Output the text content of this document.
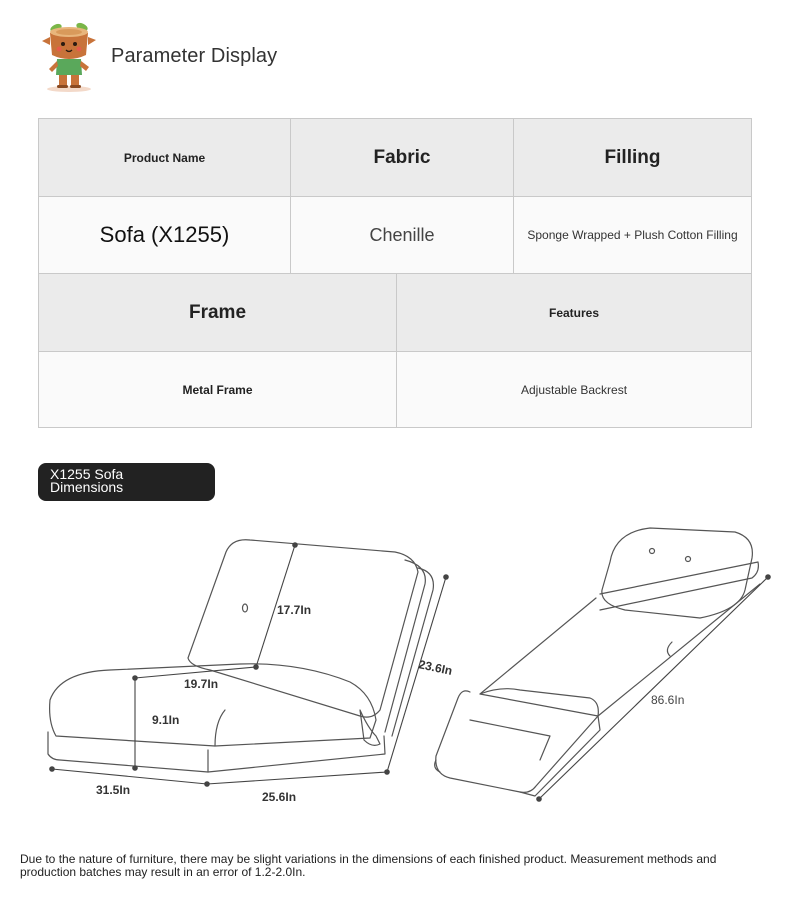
Parameter Display
Product Name	Fabric	Filling
Sofa (X1255)	Chenille	Sponge Wrapped + Plush Cotton Filling
Frame	Features
Metal Frame	Adjustable Backrest
X1255 Sofa
Dimensions
17.7In
19.7In
9.1In
23.6In
31.5In	25.6In
86.6In
Due to the nature of furniture, there may be slight variations in the dimensions of each finished product. Measurement methods and production batches may result in an error of 1.2-2.0In.
